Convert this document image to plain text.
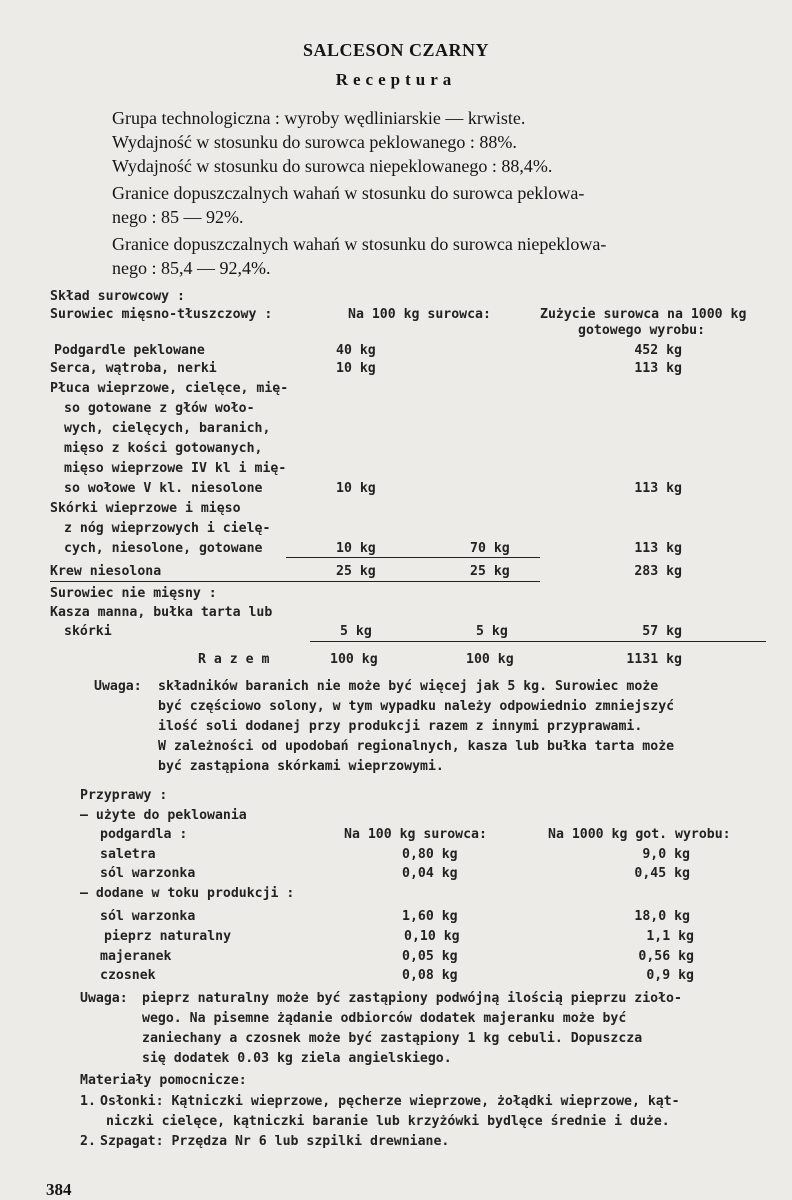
SALCESON CZARNY
Receptura
Grupa technologiczna : wyroby wędliniarskie — krwiste.
Wydajność w stosunku do surowca peklowanego : 88%.
Wydajność w stosunku do surowca niepeklowanego : 88,4%.
Granice dopuszczalnych wahań w stosunku do surowca peklowa-
nego : 85 — 92%.
Granice dopuszczalnych wahań w stosunku do surowca niepeklowa-
nego : 85,4 — 92,4%.
Skład surowcowy :
Surowiec mięsno-tłuszczowy :	Na 100 kg surowca:	Zużycie surowca na 1000 kg
gotowego wyrobu:
Podgardle peklowane	40 kg	452 kg
Serca, wątroba, nerki	10 kg	113 kg
Płuca wieprzowe, cielęce, mię-
so gotowane z głów woło-
wych, cielęcych, baranich,
mięso z kości gotowanych,
mięso wieprzowe IV kl i mię-
so wołowe V kl. niesolone	10 kg	113 kg
Skórki wieprzowe i mięso
z nóg wieprzowych i cielę-
cych, niesolone, gotowane	10 kg	70 kg	113 kg
Krew niesolona	25 kg	25 kg	283 kg
Surowiec nie mięsny :
Kasza manna, bułka tarta lub
skórki	5 kg	5 kg	57 kg
R a z e m	100 kg	100 kg	1131 kg
Uwaga: składników baranich nie może być więcej jak 5 kg. Surowiec może
być częściowo solony, w tym wypadku należy odpowiednio zmniejszyć
ilość soli dodanej przy produkcji razem z innymi przyprawami.
W zależności od upodobań regionalnych, kasza lub bułka tarta może
być zastąpiona skórkami wieprzowymi.
Przyprawy :
— użyte do peklowania
podgardla :	Na 100 kg surowca:	Na 1000 kg got. wyrobu:
saletra	0,80 kg	9,0 kg
sól warzonka	0,04 kg	0,45 kg
— dodane w toku produkcji :
sól warzonka	1,60 kg	18,0 kg
pieprz naturalny	0,10 kg	1,1 kg
majeranek	0,05 kg	0,56 kg
czosnek	0,08 kg	0,9 kg
Uwaga: pieprz naturalny może być zastąpiony podwójną ilością pieprzu zioło-
wego. Na pisemne żądanie odbiorców dodatek majeranku może być
zaniechany a czosnek może być zastąpiony 1 kg cebuli. Dopuszcza
się dodatek 0.03 kg ziela angielskiego.
Materiały pomocnicze:
1. Osłonki: Kątniczki wieprzowe, pęcherze wieprzowe, żołądki wieprzowe, kąt-
niczki cielęce, kątniczki baranie lub krzyżówki bydlęce średnie i duże.
2. Szpagat: Przędza Nr 6 lub szpilki drewniane.
384
